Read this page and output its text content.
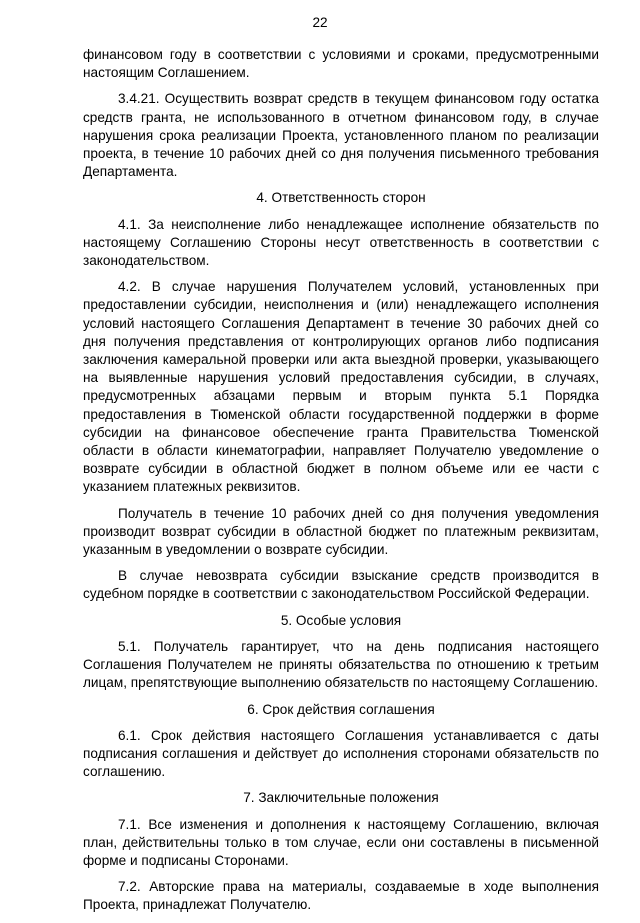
22

финансовом году в соответствии с условиями и сроками, предусмотренными настоящим Соглашением.

3.4.21. Осуществить возврат средств в текущем финансовом году остатка средств гранта, не использованного в отчетном финансовом году, в случае нарушения срока реализации Проекта, установленного планом по реализации проекта, в течение 10 рабочих дней со дня получения письменного требования Департамента.

4. Ответственность сторон

4.1. За неисполнение либо ненадлежащее исполнение обязательств по настоящему Соглашению Стороны несут ответственность в соответствии с законодательством.

4.2. В случае нарушения Получателем условий, установленных при предоставлении субсидии, неисполнения и (или) ненадлежащего исполнения условий настоящего Соглашения Департамент в течение 30 рабочих дней со дня получения представления от контролирующих органов либо подписания заключения камеральной проверки или акта выездной проверки, указывающего на выявленные нарушения условий предоставления субсидии, в случаях, предусмотренных абзацами первым и вторым пункта 5.1 Порядка предоставления в Тюменской области государственной поддержки в форме субсидии на финансовое обеспечение гранта Правительства Тюменской области в области кинематографии, направляет Получателю уведомление о возврате субсидии в областной бюджет в полном объеме или ее части с указанием платежных реквизитов.

Получатель в течение 10 рабочих дней со дня получения уведомления производит возврат субсидии в областной бюджет по платежным реквизитам, указанным в уведомлении о возврате субсидии.

В случае невозврата субсидии взыскание средств производится в судебном порядке в соответствии с законодательством Российской Федерации.

5. Особые условия

5.1. Получатель гарантирует, что на день подписания настоящего Соглашения Получателем не приняты обязательства по отношению к третьим лицам, препятствующие выполнению обязательств по настоящему Соглашению.

6. Срок действия соглашения

6.1. Срок действия настоящего Соглашения устанавливается с даты подписания соглашения и действует до исполнения сторонами обязательств по соглашению.

7. Заключительные положения

7.1. Все изменения и дополнения к настоящему Соглашению, включая план, действительны только в том случае, если они составлены в письменной форме и подписаны Сторонами.

7.2. Авторские права на материалы, создаваемые в ходе выполнения Проекта, принадлежат Получателю.
